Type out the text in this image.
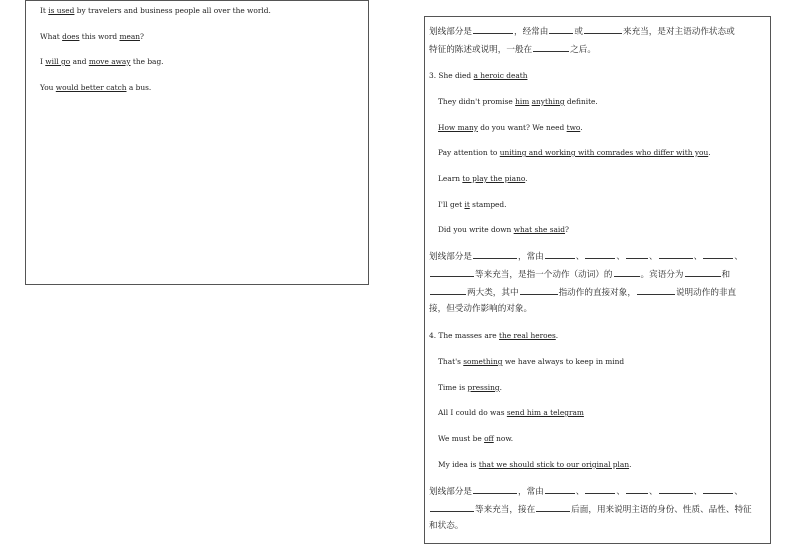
It is used by travelers and business people all over the world.
What does this word mean?
I will go and move away the bag.
You would better catch a bus.
划线部分是	，经常由	或	来充当，是对主语动作状态或
特征的陈述或说明，一般在	之后。
3. She died a heroic death
They didn't promise him anything definite.
How many do you want? We need two.
Pay attention to uniting and working with comrades who differ with you.
Learn to play the piano.
I'll get it stamped.
Did you write down what she said?
划线部分是	，常由	、	、	、	、	、
等来充当，是指一个动作（动词）的	。宾语分为	和
两大类，其中	指动作的直接对象，	说明动作的非直
接，但受动作影响的对象。
4. The masses are the real heroes.
That's something we have always to keep in mind
Time is pressing.
All I could do was send him a telegram
We must be off now.
My idea is that we should stick to our original plan.
划线部分是	，常由	、	、	、	、	、
等来充当，接在	后面，用来说明主语的身份、性质、品性、特征
和状态。
